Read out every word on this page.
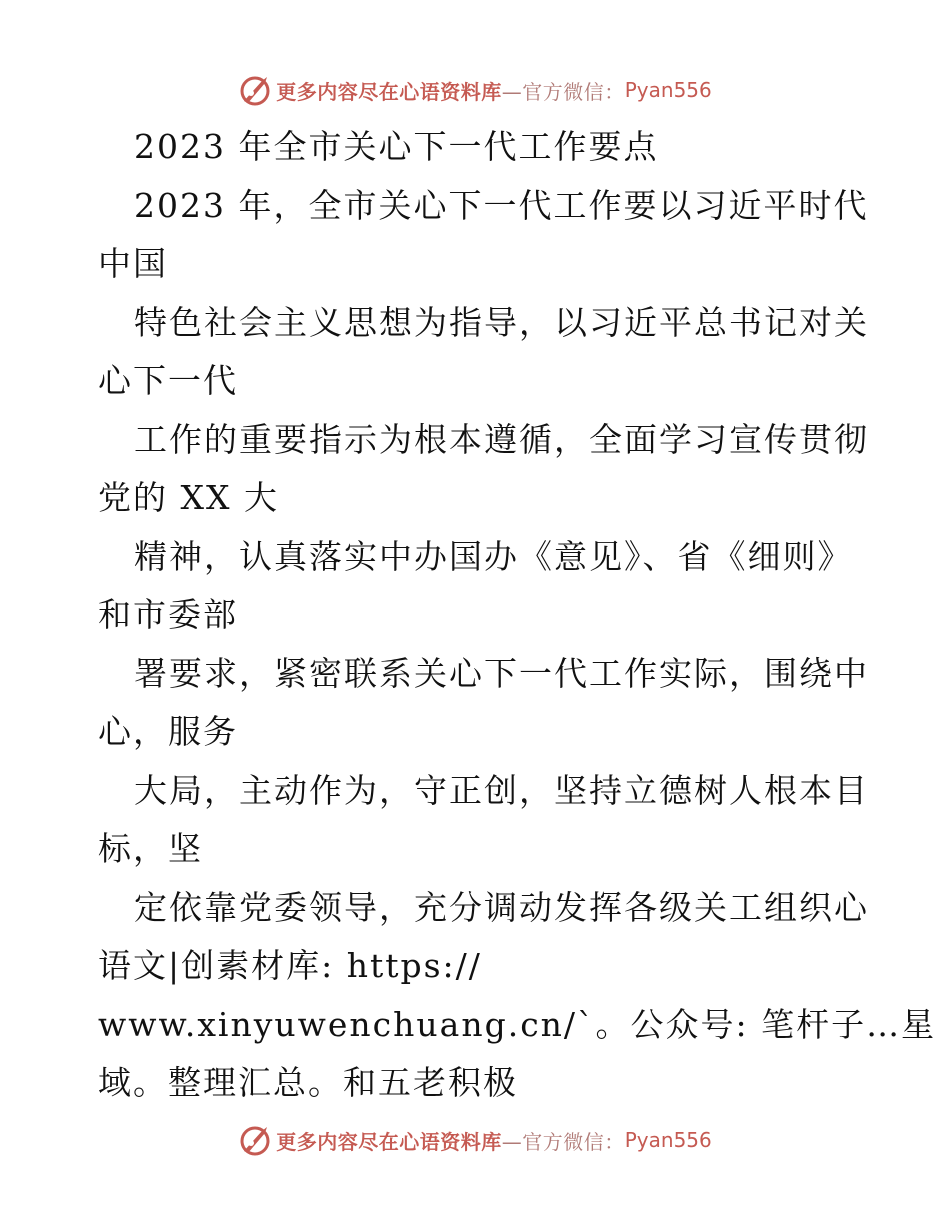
更多内容尽在心语资料库 —官方微信： Pyan556
2023 年全市关心下一代工作要点
2023 年，全市关心下一代工作要以习近平时代
中国
特色社会主义思想为指导，以习近平总书记对关
心下一代
工作的重要指示为根本遵循，全面学习宣传贯彻
党的 XX 大
精神，认真落实中办国办《意见》、省《细则》
和市委部
署要求，紧密联系关心下一代工作实际，围绕中
心，服务
大局，主动作为，守正创，坚持立德树人根本目
标，坚
定依靠党委领导，充分调动发挥各级关工组织心
语文|创素材库: https://
www.xinyuwenchuang.cn/`。公众号: 笔杆子…星
域。整理汇总。和五老积极
更多内容尽在心语资料库 —官方微信： Pyan556
